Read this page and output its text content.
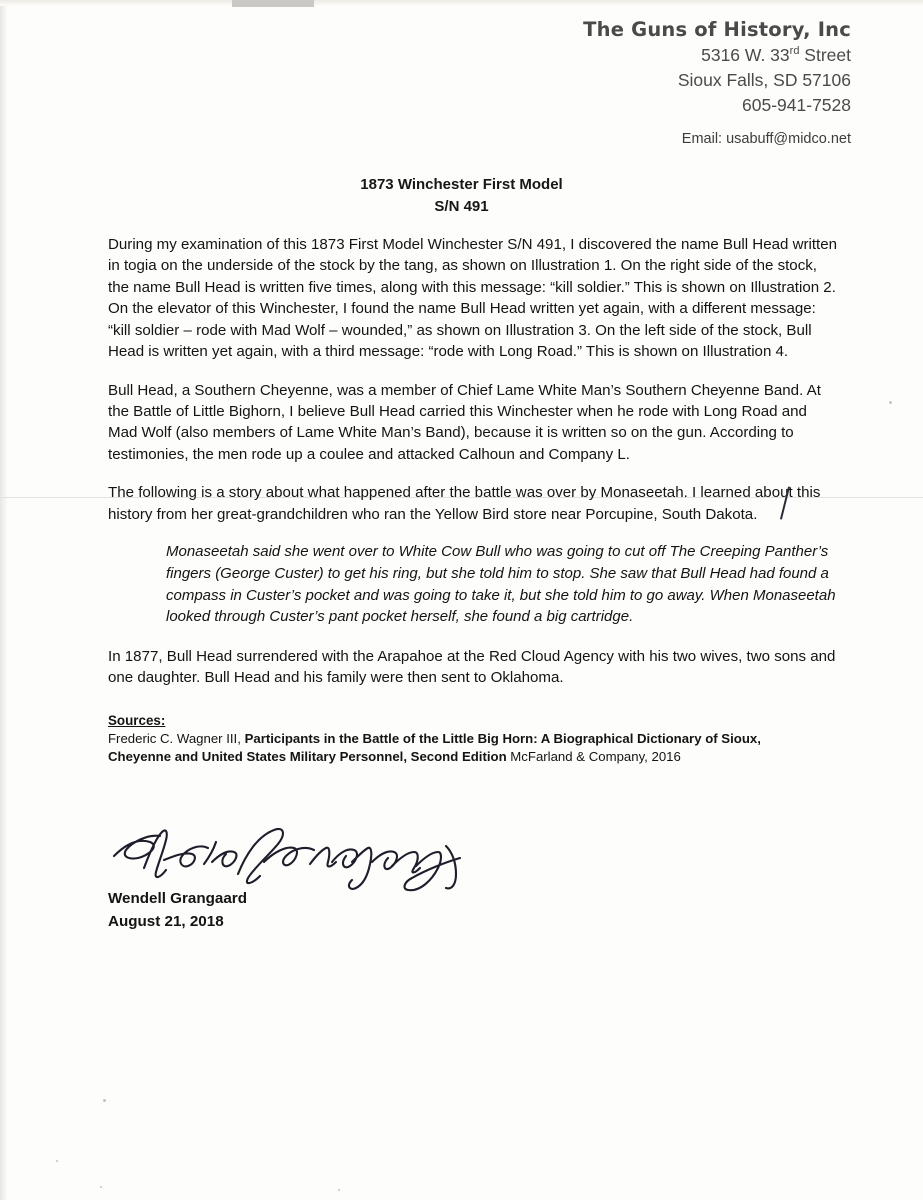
The Guns of History, Inc
5316 W. 33rd Street
Sioux Falls, SD 57106
605-941-7528
Email: usabuff@midco.net
1873 Winchester First Model
S/N 491
During my examination of this 1873 First Model Winchester S/N 491, I discovered the name Bull Head written in togia on the underside of the stock by the tang, as shown on Illustration 1. On the right side of the stock, the name Bull Head is written five times, along with this message: “kill soldier.” This is shown on Illustration 2. On the elevator of this Winchester, I found the name Bull Head written yet again, with a different message: “kill soldier – rode with Mad Wolf – wounded,” as shown on Illustration 3. On the left side of the stock, Bull Head is written yet again, with a third message: “rode with Long Road.” This is shown on Illustration 4.
Bull Head, a Southern Cheyenne, was a member of Chief Lame White Man’s Southern Cheyenne Band. At the Battle of Little Bighorn, I believe Bull Head carried this Winchester when he rode with Long Road and Mad Wolf (also members of Lame White Man’s Band), because it is written so on the gun. According to testimonies, the men rode up a coulee and attacked Calhoun and Company L.
The following is a story about what happened after the battle was over by Monaseetah. I learned about this history from her great-grandchildren who ran the Yellow Bird store near Porcupine, South Dakota.
Monaseetah said she went over to White Cow Bull who was going to cut off The Creeping Panther’s fingers (George Custer) to get his ring, but she told him to stop. She saw that Bull Head had found a compass in Custer’s pocket and was going to take it, but she told him to go away. When Monaseetah looked through Custer’s pant pocket herself, she found a big cartridge.
In 1877, Bull Head surrendered with the Arapahoe at the Red Cloud Agency with his two wives, two sons and one daughter. Bull Head and his family were then sent to Oklahoma.
Sources:
Frederic C. Wagner III, Participants in the Battle of the Little Big Horn: A Biographical Dictionary of Sioux, Cheyenne and United States Military Personnel, Second Edition McFarland & Company, 2016
Wendell Grangaard
August 21, 2018
